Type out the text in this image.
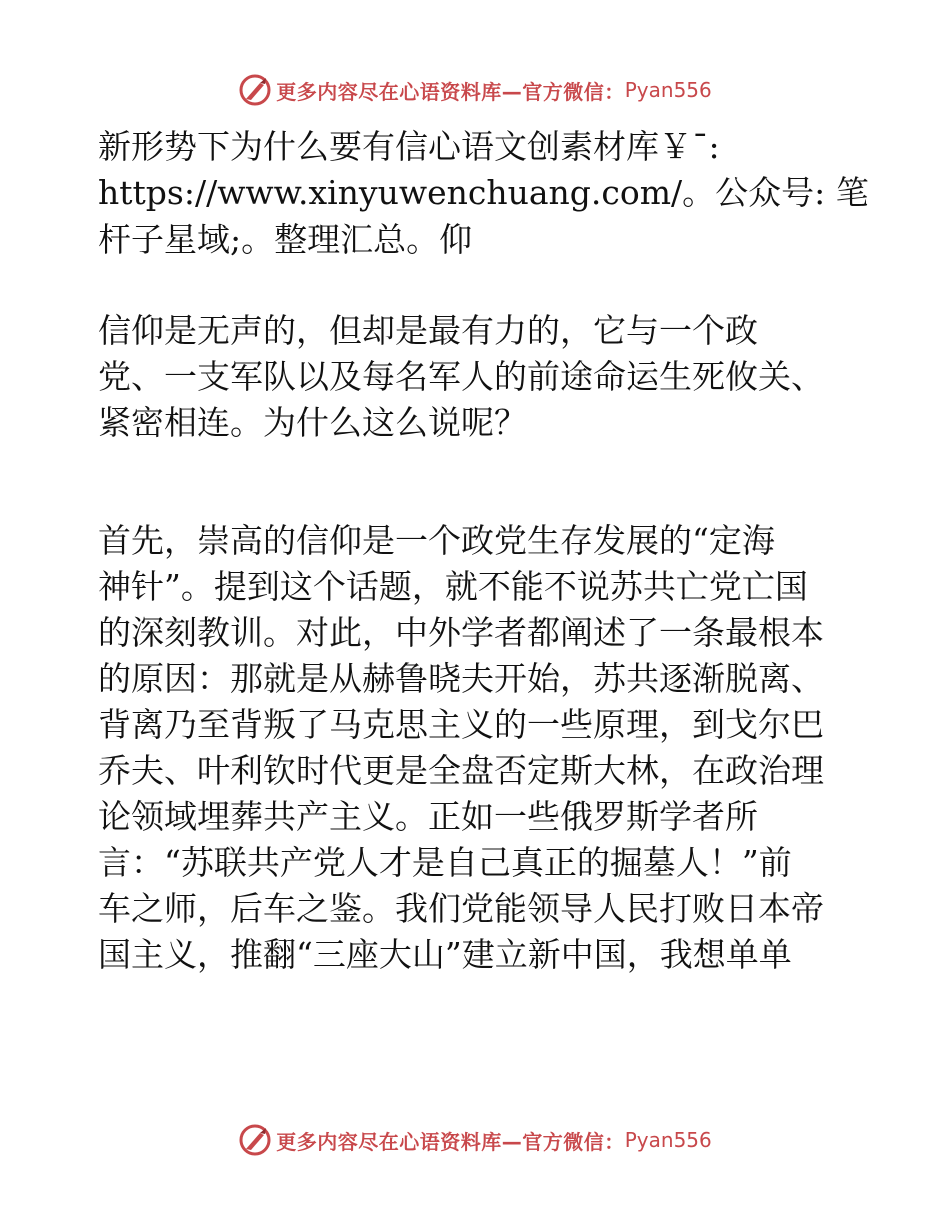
更多内容尽在心语资料库—官方微信： Pyan556
新形势下为什么要有信心语文创素材库￥¯:
https://www.xinyuwenchuang.com/。公众号: 笔
杆子星域;。整理汇总。仰
信仰是无声的，但却是最有力的，它与一个政
党、一支军队以及每名军人的前途命运生死攸关、
紧密相连。为什么这么说呢？
首先，崇高的信仰是一个政党生存发展的“定海
神针”。提到这个话题，就不能不说苏共亡党亡国
的深刻教训。对此，中外学者都阐述了一条最根本
的原因：那就是从赫鲁晓夫开始，苏共逐渐脱离、
背离乃至背叛了马克思主义的一些原理，到戈尔巴
乔夫、叶利钦时代更是全盘否定斯大林，在政治理
论领域埋葬共产主义。正如一些俄罗斯学者所
言：“苏联共产党人才是自己真正的掘墓人！”前
车之师，后车之鉴。我们党能领导人民打败日本帝
国主义，推翻“三座大山”建立新中国，我想单单
更多内容尽在心语资料库—官方微信： Pyan556
